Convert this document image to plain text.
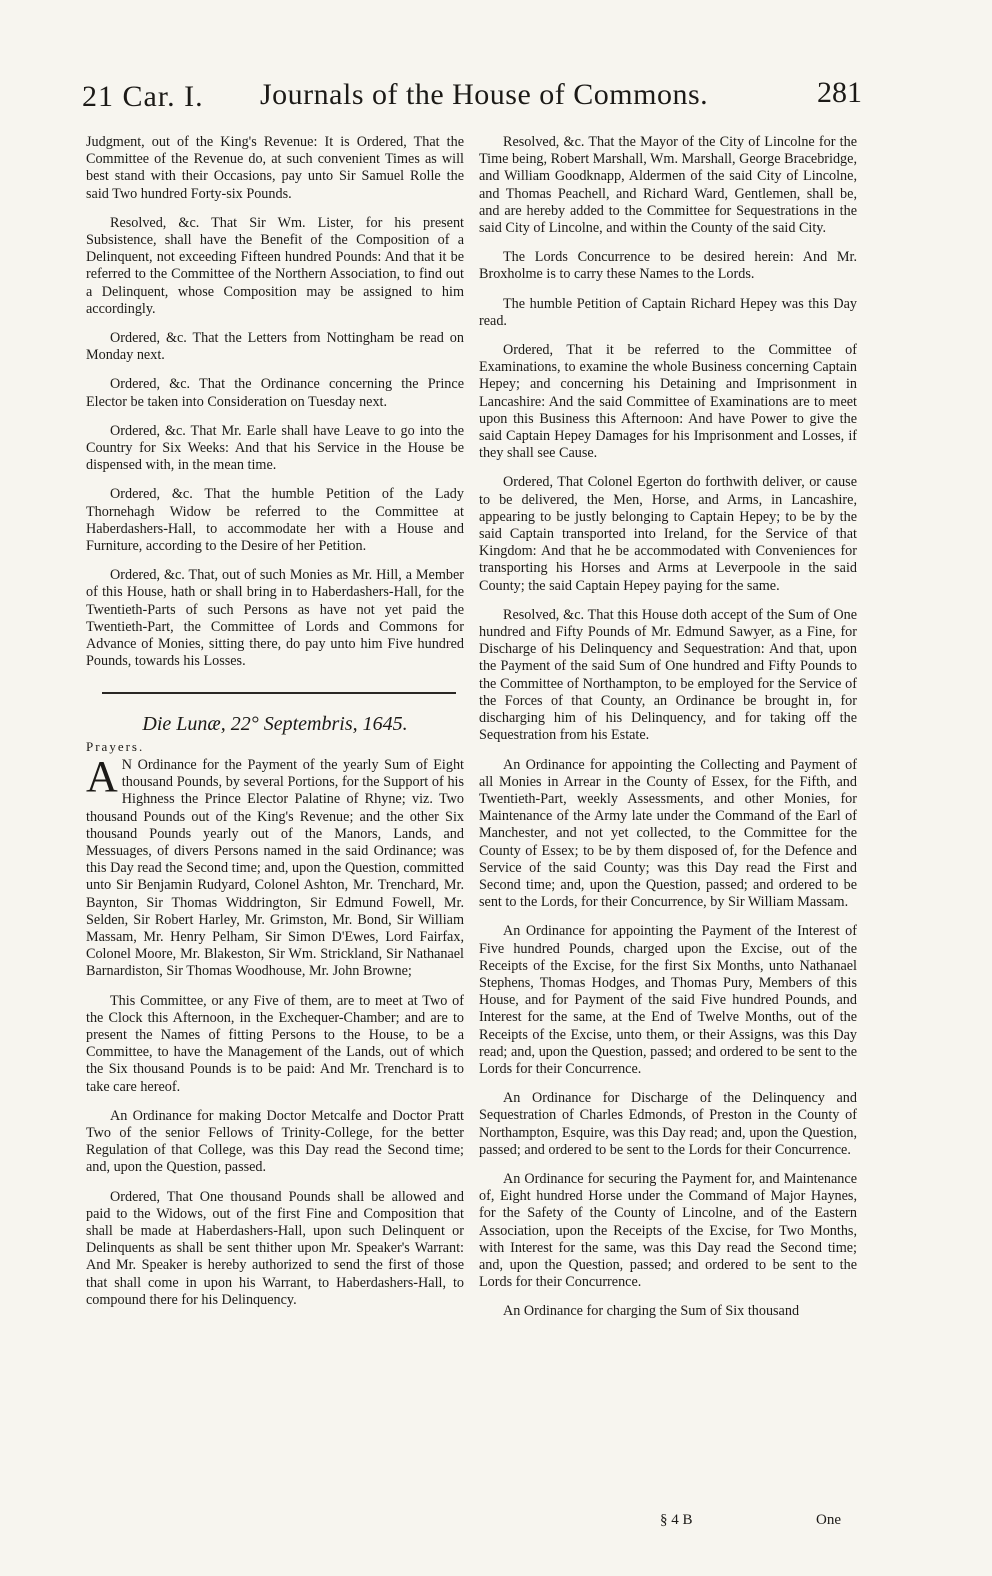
21 Car. I. Journals of the House of Commons.	281

Judgment, out of the King's Revenue: It is Ordered, That the Committee of the Revenue do, at such convenient Times as will best stand with their Occasions, pay unto Sir Samuel Rolle the said Two hundred Forty-six Pounds.

Resolved, &c. That Sir Wm. Lister, for his present Subsistence, shall have the Benefit of the Composition of a Delinquent, not exceeding Fifteen hundred Pounds: And that it be referred to the Committee of the Northern Association, to find out a Delinquent, whose Composition may be assigned to him accordingly.

Ordered, &c. That the Letters from Nottingham be read on Monday next.

Ordered, &c. That the Ordinance concerning the Prince Elector be taken into Consideration on Tuesday next.

Ordered, &c. That Mr. Earle shall have Leave to go into the Country for Six Weeks: And that his Service in the House be dispensed with, in the mean time.

Ordered, &c. That the humble Petition of the Lady Thornehagh Widow be referred to the Committee at Haberdashers-Hall, to accommodate her with a House and Furniture, according to the Desire of her Petition.

Ordered, &c. That, out of such Monies as Mr. Hill, a Member of this House, hath or shall bring in to Haberdashers-Hall, for the Twentieth-Parts of such Persons as have not yet paid the Twentieth-Part, the Committee of Lords and Commons for Advance of Monies, sitting there, do pay unto him Five hundred Pounds, towards his Losses.

Die Lunæ, 22° Septembris, 1645.
Prayers.

A N Ordinance for the Payment of the yearly Sum of Eight thousand Pounds, by several Portions, for the Support of his Highness the Prince Elector Palatine of Rhyne; viz. Two thousand Pounds out of the King's Revenue; and the other Six thousand Pounds yearly out of the Manors, Lands, and Messuages, of divers Persons named in the said Ordinance; was this Day read the Second time; and, upon the Question, committed unto Sir Benjamin Rudyard, Colonel Ashton, Mr. Trenchard, Mr. Baynton, Sir Thomas Widdrington, Sir Edmund Fowell, Mr. Selden, Sir Robert Harley, Mr. Grimston, Mr. Bond, Sir William Massam, Mr. Henry Pelham, Sir Simon D'Ewes, Lord Fairfax, Colonel Moore, Mr. Blakeston, Sir Wm. Strickland, Sir Nathanael Barnardiston, Sir Thomas Woodhouse, Mr. John Browne;

This Committee, or any Five of them, are to meet at Two of the Clock this Afternoon, in the Exchequer-Chamber; and are to present the Names of fitting Persons to the House, to be a Committee, to have the Management of the Lands, out of which the Six thousand Pounds is to be paid: And Mr. Trenchard is to take care hereof.

An Ordinance for making Doctor Metcalfe and Doctor Pratt Two of the senior Fellows of Trinity-College, for the better Regulation of that College, was this Day read the Second time; and, upon the Question, passed.

Ordered, That One thousand Pounds shall be allowed and paid to the Widows, out of the first Fine and Composition that shall be made at Haberdashers-Hall, upon such Delinquent or Delinquents as shall be sent thither upon Mr. Speaker's Warrant: And Mr. Speaker is hereby authorized to send the first of those that shall come in upon his Warrant, to Haberdashers-Hall, to compound there for his Delinquency.

Resolved, &c. That the Mayor of the City of Lincolne for the Time being, Robert Marshall, Wm. Marshall, George Bracebridge, and William Goodknapp, Aldermen of the said City of Lincolne, and Thomas Peachell, and Richard Ward, Gentlemen, shall be, and are hereby added to the Committee for Sequestrations in the said City of Lincolne, and within the County of the said City.

The Lords Concurrence to be desired herein: And Mr. Broxholme is to carry these Names to the Lords.

The humble Petition of Captain Richard Hepey was this Day read.

Ordered, That it be referred to the Committee of Examinations, to examine the whole Business concerning Captain Hepey; and concerning his Detaining and Imprisonment in Lancashire: And the said Committee of Examinations are to meet upon this Business this Afternoon: And have Power to give the said Captain Hepey Damages for his Imprisonment and Losses, if they shall see Cause.

Ordered, That Colonel Egerton do forthwith deliver, or cause to be delivered, the Men, Horse, and Arms, in Lancashire, appearing to be justly belonging to Captain Hepey; to be by the said Captain transported into Ireland, for the Service of that Kingdom: And that he be accommodated with Conveniences for transporting his Horses and Arms at Leverpoole in the said County; the said Captain Hepey paying for the same.

Resolved, &c. That this House doth accept of the Sum of One hundred and Fifty Pounds of Mr. Edmund Sawyer, as a Fine, for Discharge of his Delinquency and Sequestration: And that, upon the Payment of the said Sum of One hundred and Fifty Pounds to the Committee of Northampton, to be employed for the Service of the Forces of that County, an Ordinance be brought in, for discharging him of his Delinquency, and for taking off the Sequestration from his Estate.

An Ordinance for appointing the Collecting and Payment of all Monies in Arrear in the County of Essex, for the Fifth, and Twentieth-Part, weekly Assessments, and other Monies, for Maintenance of the Army late under the Command of the Earl of Manchester, and not yet collected, to the Committee for the County of Essex; to be by them disposed of, for the Defence and Service of the said County; was this Day read the First and Second time; and, upon the Question, passed; and ordered to be sent to the Lords, for their Concurrence, by Sir William Massam.

An Ordinance for appointing the Payment of the Interest of Five hundred Pounds, charged upon the Excise, out of the Receipts of the Excise, for the first Six Months, unto Nathanael Stephens, Thomas Hodges, and Thomas Pury, Members of this House, and for Payment of the said Five hundred Pounds, and Interest for the same, at the End of Twelve Months, out of the Receipts of the Excise, unto them, or their Assigns, was this Day read; and, upon the Question, passed; and ordered to be sent to the Lords for their Concurrence.

An Ordinance for Discharge of the Delinquency and Sequestration of Charles Edmonds, of Preston in the County of Northampton, Esquire, was this Day read; and, upon the Question, passed; and ordered to be sent to the Lords for their Concurrence.

An Ordinance for securing the Payment for, and Maintenance of, Eight hundred Horse under the Command of Major Haynes, for the Safety of the County of Lincolne, and of the Eastern Association, upon the Receipts of the Excise, for Two Months, with Interest for the same, was this Day read the Second time; and, upon the Question, passed; and ordered to be sent to the Lords for their Concurrence.

An Ordinance for charging the Sum of Six thousand

§ 4 B	One
